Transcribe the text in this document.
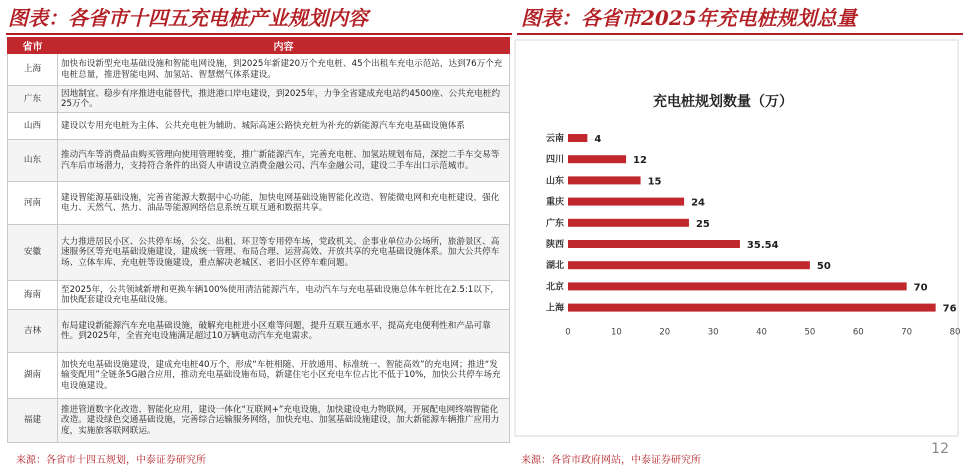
图表：各省市十四五充电桩产业规划内容
省市	内容
上海	加快布设新型充电基础设施和智能电网设施，到2025年新建20万个充电桩、45个出租车充电示范站，达到76万个充电桩总量，推进智能电网、加氢站、智慧燃气体系建设。
广东	因地制宜、稳步有序推进电能替代，推进港口岸电建设，到2025年，力争全省建成充电站约4500座、公共充电桩约25万个。
山西	建设以专用充电桩为主体、公共充电桩为辅助、城际高速公路快充桩为补充的新能源汽车充电基础设施体系
山东	推动汽车等消费品由购买管理向使用管理转变，推广新能源汽车，完善充电桩、加氢站规划布局，深挖二手车交易等汽车后市场潜力，支持符合条件的出资人申请设立消费金融公司、汽车金融公司，建设二手车出口示范城市。
河南	建设智能源基础设施，完善省能源大数据中心功能，加快电网基础设施智能化改造、智能微电网和充电桩建设，强化电力、天然气、热力、油品等能源网络信息系统互联互通和数据共享。
安徽	大力推进居民小区、公共停车场，公交、出租、环卫等专用停车场，党政机关、企事业单位办公场所，旅游景区、高速服务区等充电基础设施建设，建成统一管理、布局合理、运营高效、开放共享的充电基础设施体系。加大公共停车场、立体车库、充电桩等设施建设，重点解决老城区、老旧小区停车难问题。
海南	至2025年，公共领域新增和更换车辆100%使用清洁能源汽车，电动汽车与充电基础设施总体车桩比在2.5:1以下，加快配套建设充电基础设施。
吉林	布局建设新能源汽车充电基础设施，破解充电桩进小区难等问题，提升互联互通水平，提高充电便利性和产品可靠性。到2025年，全省充电设施满足超过10万辆电动汽车充电需求。
湖南	加快充电基础设施建设，建成充电桩40万个，形成“车桩相随、开放通用、标准统一、智能高效”的充电网；推进“发输变配用”全链条5G融合应用，推动充电基础设施布局，新建住宅小区充电车位占比不低于10%，加快公共停车场充电设施建设。
福建	推进管道数字化改造、智能化应用，建设一体化“互联网+”充电设施，加快建设电力物联网，开展配电网终端智能化改造。建设绿色交通基础设施，完善综合运输服务网络，加快充电、加氢基础设施建设，加大新能源车辆推广应用力度，实施旅客联网联运。
来源：各省市十四五规划，中泰证券研究所
图表：各省市2025年充电桩规划总量
充电桩规划数量（万）
云南	4
四川	12
山东	15
重庆	24
广东	25
陕西	35.54
湖北	50
北京	70
上海	76
0	10	20	30	40	50	60	70	80
来源：各省市政府网站，中泰证券研究所
12
